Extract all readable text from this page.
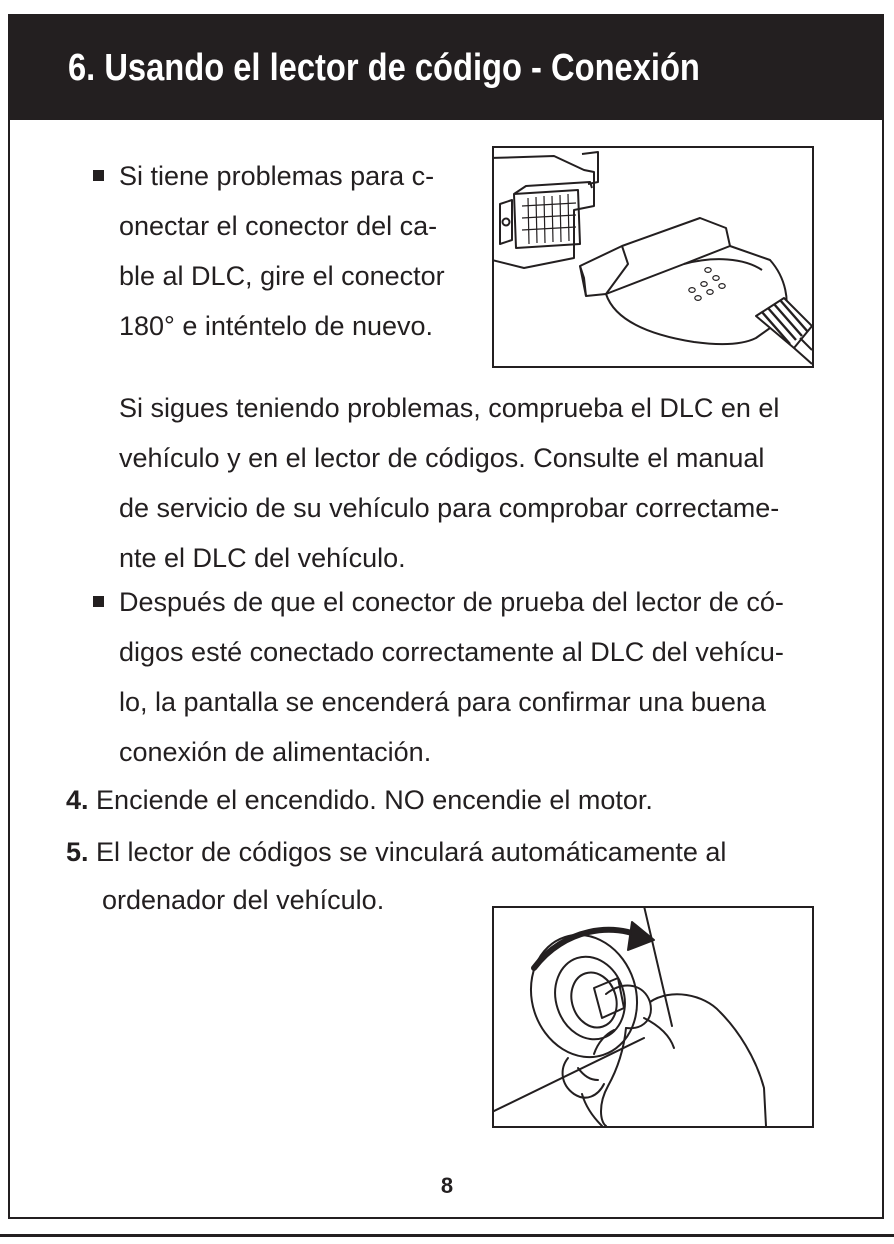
6. Usando el lector de código - Conexión

Si tiene problemas para c-

onectar el conector del ca-

ble al DLC, gire el conector

180° e inténtelo de nuevo.

Si sigues teniendo problemas, comprueba el DLC en el

vehículo y en el lector de códigos. Consulte el manual

de servicio de su vehículo para comprobar correctame-

nte el DLC del vehículo.

Después de que el conector de prueba del lector de có-

digos esté conectado correctamente al DLC del vehícu-

lo, la pantalla se encenderá para confirmar una buena

conexión de alimentación.

4. Enciende el encendido. NO encendie el motor.

5. El lector de códigos se vinculará automáticamente al

ordenador del vehículo.

8
